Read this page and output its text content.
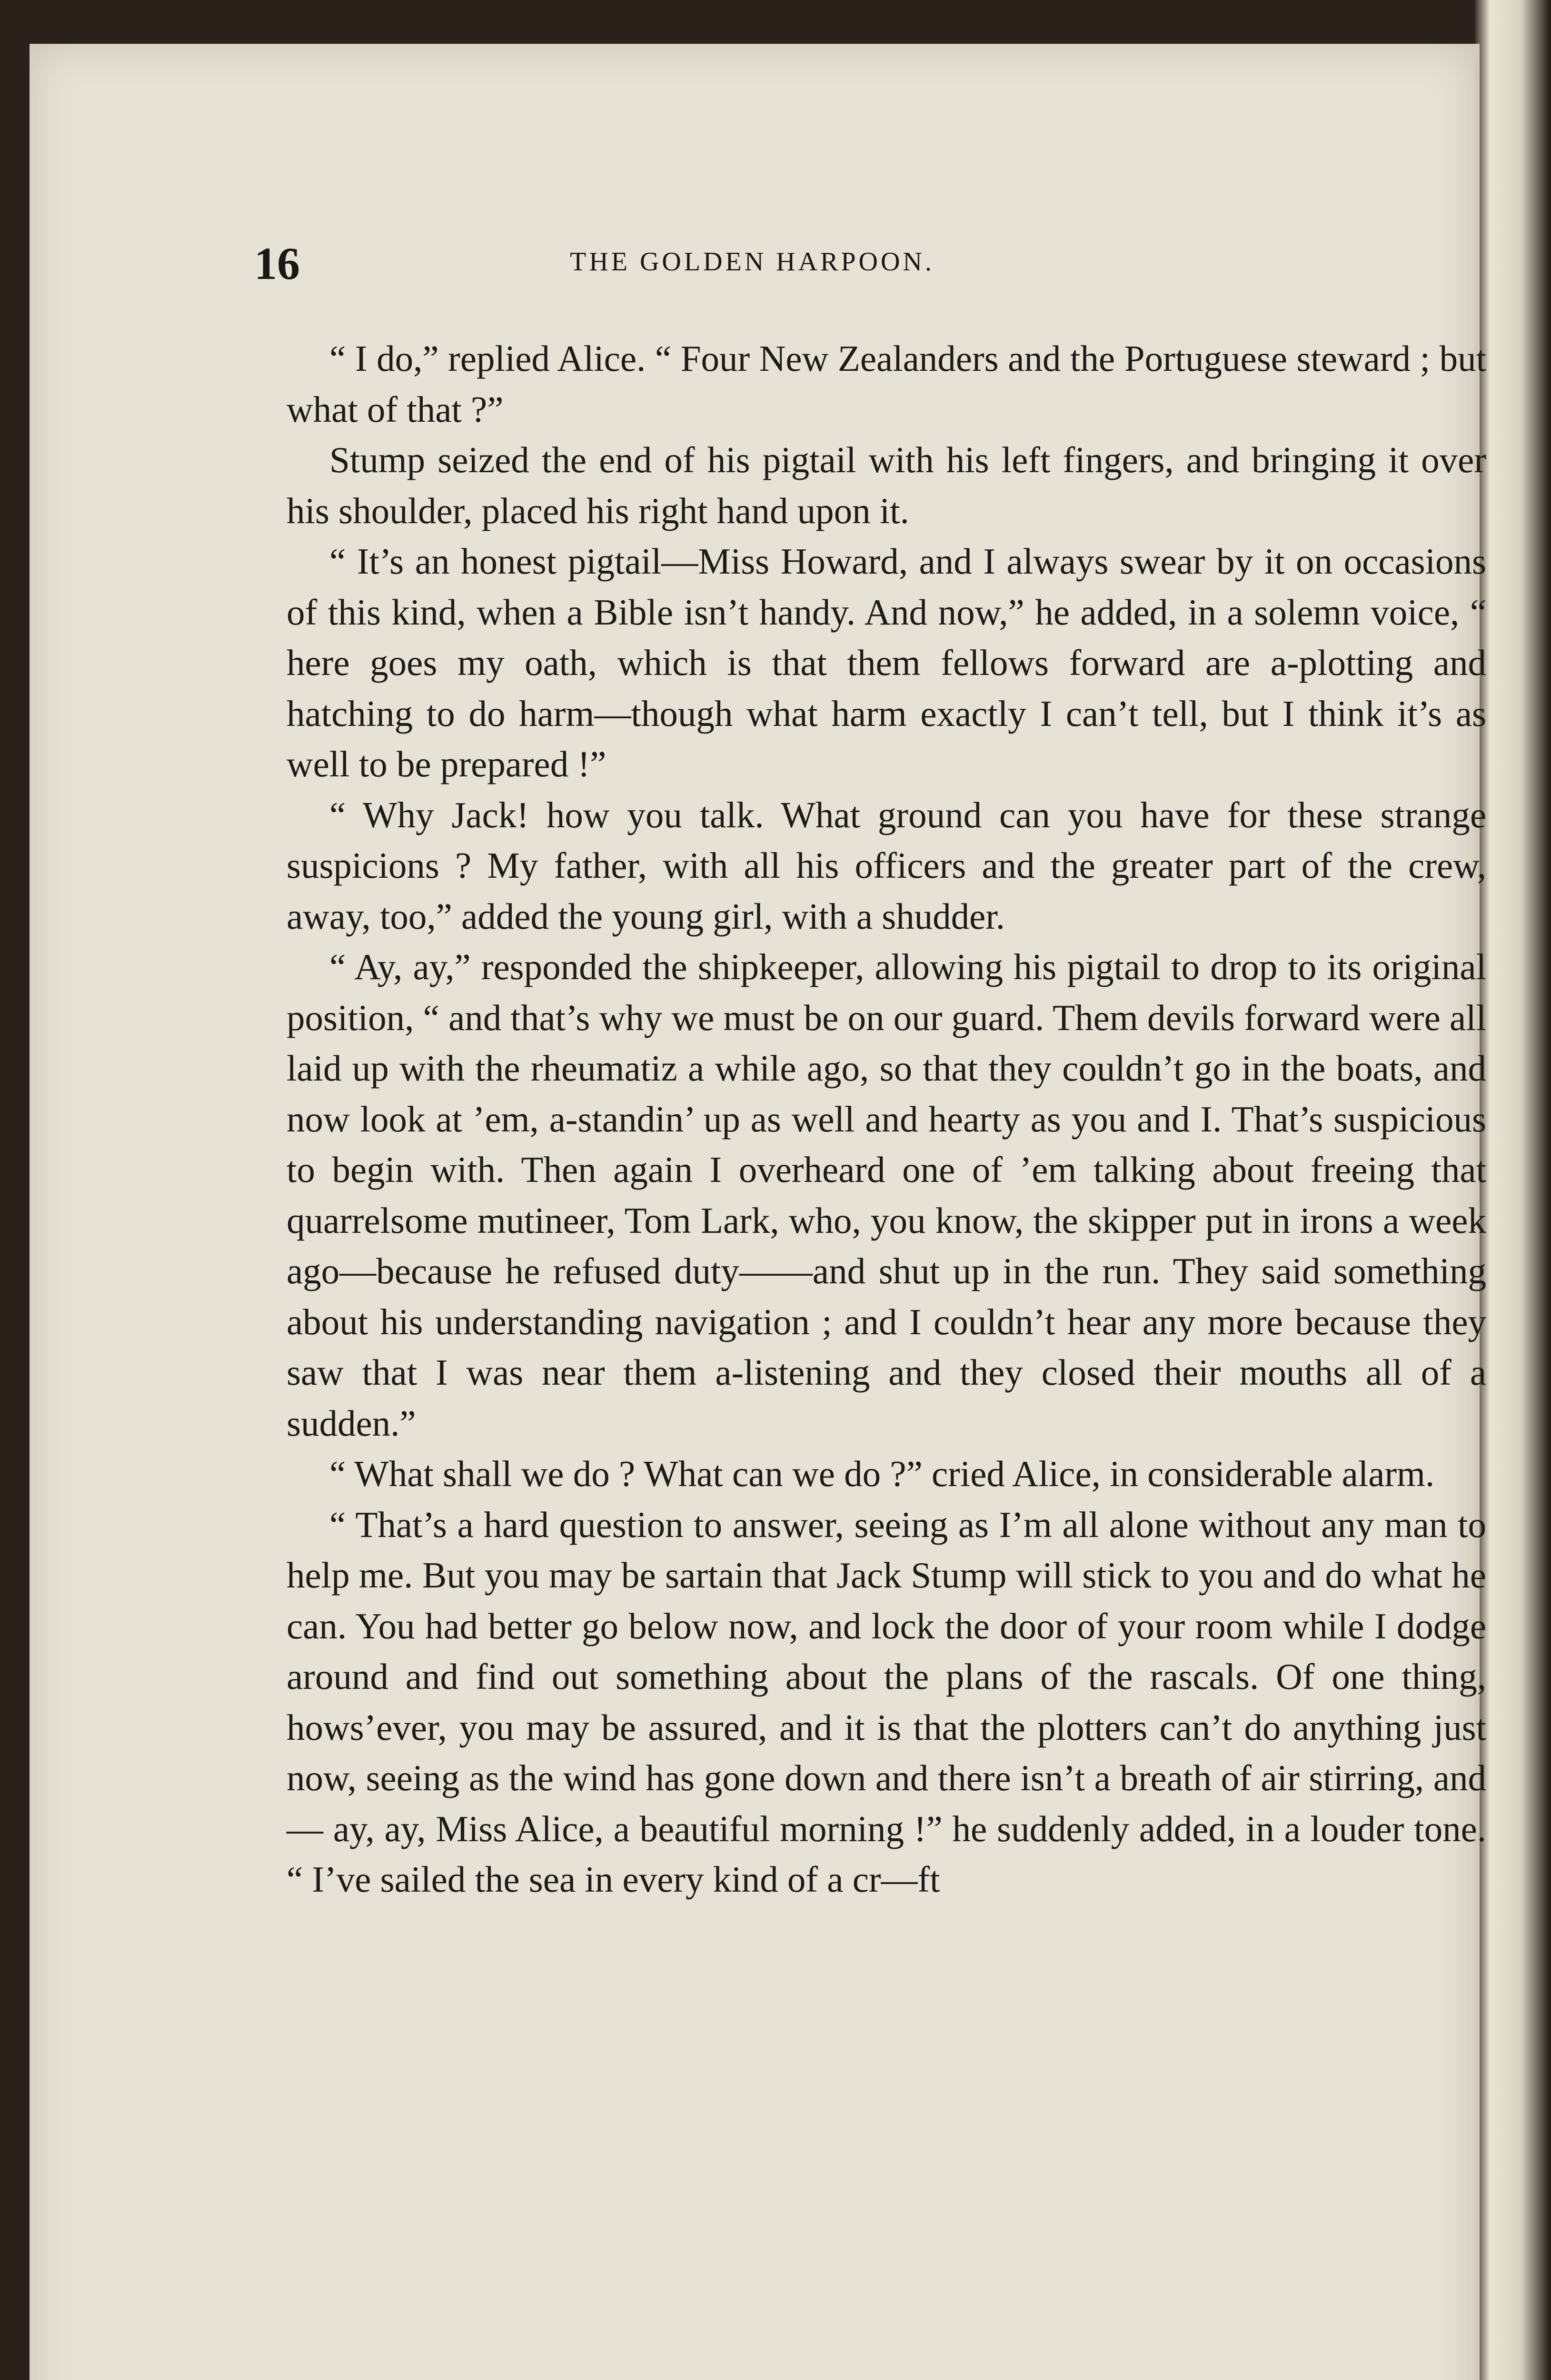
16	THE GOLDEN HARPOON.

“ I do,” replied Alice. “ Four New Zealanders and the Portuguese steward ; but what of that ?”

Stump seized the end of his pigtail with his left fingers, and bringing it over his shoulder, placed his right hand upon it.

“ It’s an honest pigtail—Miss Howard, and I always swear by it on occasions of this kind, when a Bible isn’t handy. And now,” he added, in a solemn voice, “ here goes my oath, which is that them fellows forward are a-plotting and hatching to do harm—though what harm exactly I can’t tell, but I think it’s as well to be prepared !”

“ Why Jack! how you talk. What ground can you have for these strange suspicions ? My father, with all his officers and the greater part of the crew, away, too,” added the young girl, with a shudder.

“ Ay, ay,” responded the shipkeeper, allowing his pigtail to drop to its original position, “ and that’s why we must be on our guard. Them devils forward were all laid up with the rheumatiz a while ago, so that they couldn’t go in the boats, and now look at ’em, a-standin’ up as well and hearty as you and I. That’s suspicious to begin with. Then again I overheard one of ’em talking about freeing that quarrelsome mutineer, Tom Lark, who, you know, the skipper put in irons a week ago—because he refused duty——and shut up in the run. They said something about his understanding navigation ; and I couldn’t hear any more because they saw that I was near them a-listening and they closed their mouths all of a sudden.”

“ What shall we do ? What can we do ?” cried Alice, in considerable alarm.

“ That’s a hard question to answer, seeing as I’m all alone without any man to help me. But you may be sartain that Jack Stump will stick to you and do what he can. You had better go below now, and lock the door of your room while I dodge around and find out something about the plans of the rascals. Of one thing, hows’ever, you may be assured, and it is that the plotters can’t do anything just now, seeing as the wind has gone down and there isn’t a breath of air stirring, and— ay, ay, Miss Alice, a beautiful morning !” he suddenly added, in a louder tone. “ I’ve sailed the sea in every kind of a cr—ft
